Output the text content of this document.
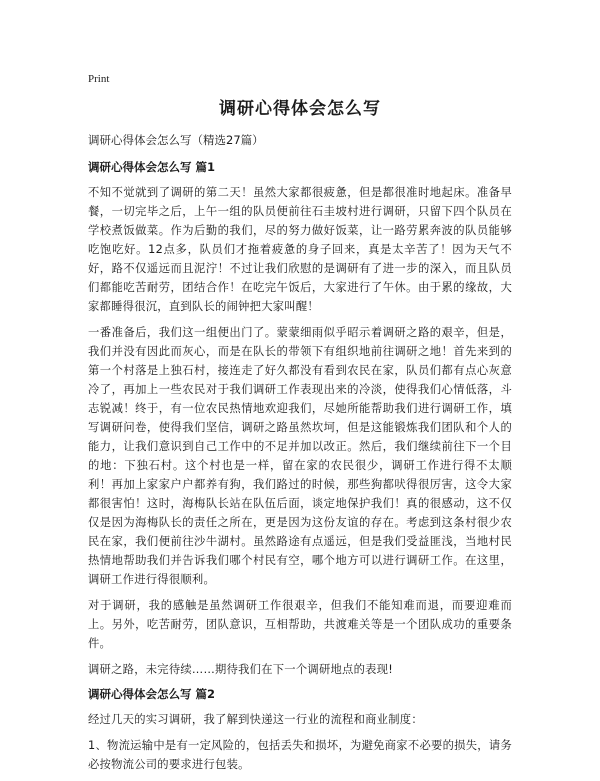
Print
调研心得体会怎么写

调研心得体会怎么写（精选27篇）

调研心得体会怎么写 篇1

不知不觉就到了调研的第二天！虽然大家都很疲惫，但是都很准时地起床。准备早餐，一切完毕之后，上午一组的队员便前往石圭坡村进行调研，只留下四个队员在学校煮饭做菜。作为后勤的我们，尽的努力做好饭菜，让一路劳累奔波的队员能够吃饱吃好。12点多，队员们才拖着疲惫的身子回来，真是太辛苦了！因为天气不好，路不仅遥远而且泥泞！不过让我们欣慰的是调研有了进一步的深入，而且队员们都能吃苦耐劳，团结合作！在吃完午饭后，大家进行了午休。由于累的缘故，大家都睡得很沉，直到队长的闹钟把大家叫醒！

一番准备后，我们这一组便出门了。蒙蒙细雨似乎昭示着调研之路的艰辛，但是，我们并没有因此而灰心，而是在队长的带领下有组织地前往调研之地！首先来到的第一个村落是上独石村，接连走了好久都没有看到农民在家，队员们都有点心灰意冷了，再加上一些农民对于我们调研工作表现出来的冷淡，使得我们心情低落，斗志锐减！终于，有一位农民热情地欢迎我们，尽她所能帮助我们进行调研工作，填写调研问卷，使得我们坚信，调研之路虽然坎坷，但是这能锻炼我们团队和个人的能力，让我们意识到自己工作中的不足并加以改正。然后，我们继续前往下一个目的地：下独石村。这个村也是一样，留在家的农民很少，调研工作进行得不太顺利！再加上家家户户都养有狗，我们路过的时候，那些狗都吠得很厉害，这令大家都很害怕！这时，海梅队长站在队伍后面，谈定地保护我们！真的很感动，这不仅仅是因为海梅队长的责任之所在，更是因为这份友谊的存在。考虑到这条村很少农民在家，我们便前往沙牛湖村。虽然路途有点遥远，但是我们受益匪浅，当地村民热情地帮助我们并告诉我们哪个村民有空，哪个地方可以进行调研工作。在这里，调研工作进行得很顺利。

对于调研，我的感触是虽然调研工作很艰辛，但我们不能知难而退，而要迎难而上。另外，吃苦耐劳，团队意识，互相帮助，共渡难关等是一个团队成功的重要条件。

调研之路，未完待续……期待我们在下一个调研地点的表现!

调研心得体会怎么写 篇2

经过几天的实习调研，我了解到快递这一行业的流程和商业制度：

1、物流运输中是有一定风险的，包括丢失和损坏，为避免商家不必要的损失，请务必按物流公司的要求进行包装。
